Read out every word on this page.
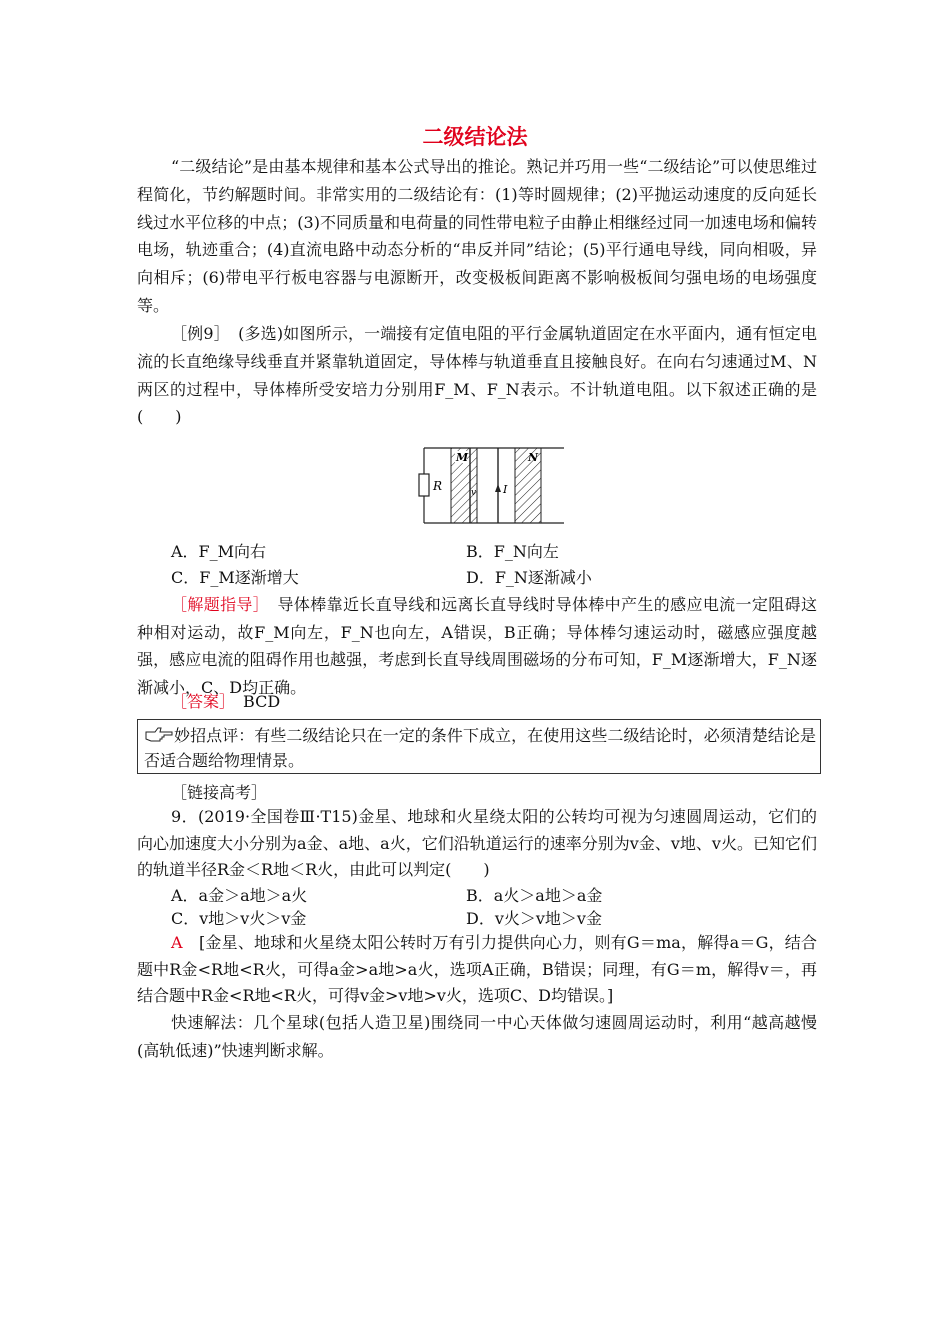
二级结论法
“二级结论”是由基本规律和基本公式导出的推论。熟记并巧用一些“二级结论”可以使思维过程简化，节约解题时间。非常实用的二级结论有：(1)等时圆规律；(2)平抛运动速度的反向延长线过水平位移的中点；(3)不同质量和电荷量的同性带电粒子由静止相继经过同一加速电场和偏转电场，轨迹重合；(4)直流电路中动态分析的“串反并同”结论；(5)平行通电导线，同向相吸，异向相斥；(6)带电平行板电容器与电源断开，改变极板间距离不影响极板间匀强电场的电场强度等。
［例9］　(多选)如图所示，一端接有定值电阻的平行金属轨道固定在水平面内，通有恒定电流的长直绝缘导线垂直并紧靠轨道固定，导体棒与轨道垂直且接触良好。在向右匀速通过M、N两区的过程中，导体棒所受安培力分别用F_M、F_N表示。不计轨道电阻。以下叙述正确的是(　　)
R
M	N
I
v
A．F_M向右	B．F_N向左
C．F_M逐渐增大	D．F_N逐渐减小
［解题指导］　导体棒靠近长直导线和远离长直导线时导体棒中产生的感应电流一定阻碍这种相对运动，故F_M向左，F_N也向左，A错误，B正确；导体棒匀速运动时，磁感应强度越强，感应电流的阻碍作用也越强，考虑到长直导线周围磁场的分布可知，F_M逐渐增大，F_N逐渐减小，C、D均正确。
［答案］　BCD
妙招点评：有些二级结论只在一定的条件下成立，在使用这些二级结论时，必须清楚结论是否适合题给物理情景。
［链接高考］
9．(2019·全国卷Ⅲ·T15)金星、地球和火星绕太阳的公转均可视为匀速圆周运动，它们的向心加速度大小分别为a金、a地、a火，它们沿轨道运行的速率分别为v金、v地、v火。已知它们的轨道半径R金＜R地＜R火，由此可以判定(　　)
A．a金＞a地＞a火	B．a火＞a地＞a金
C．v地＞v火＞v金	D．v火＞v地＞v金
A　[金星、地球和火星绕太阳公转时万有引力提供向心力，则有G＝ma，解得a＝G，结合题中R金<R地<R火，可得a金>a地>a火，选项A正确，B错误；同理，有G＝m，解得v＝，再结合题中R金<R地<R火，可得v金>v地>v火，选项C、D均错误。]
快速解法：几个星球(包括人造卫星)围绕同一中心天体做匀速圆周运动时，利用“越高越慢(高轨低速)”快速判断求解。
